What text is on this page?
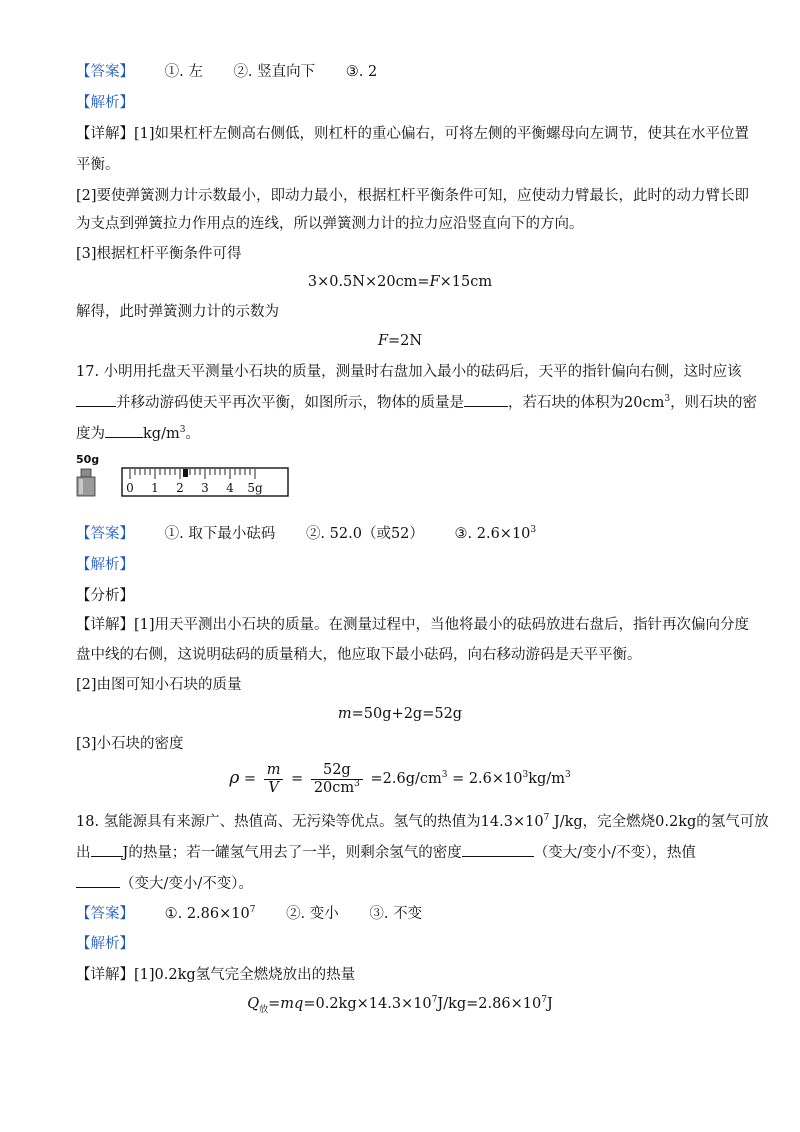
【答案】 ①. 左 ②. 竖直向下 ③. 2
【解析】
【详解】[1]如果杠杆左侧高右侧低，则杠杆的重心偏右，可将左侧的平衡螺母向左调节，使其在水平位置
平衡。
[2]要使弹簧测力计示数最小，即动力最小，根据杠杆平衡条件可知，应使动力臂最长，此时的动力臂长即
为支点到弹簧拉力作用点的连线，所以弹簧测力计的拉力应沿竖直向下的方向。
[3]根据杠杆平衡条件可得
3×0.5N×20cm=F×15cm
解得，此时弹簧测力计的示数为
F=2N
17. 小明用托盘天平测量小石块的质量，测量时右盘加入最小的砝码后，天平的指针偏向右侧，这时应该
并移动游码使天平再次平衡，如图所示，物体的质量是	，若石块的体积为$20cm^3$，则石块的密
度为	$kg/m^3$。
50g
0 1 2 3 4 5g
【答案】 ①. 取下最小砝码 ②. 52.0（或52） ③. $2.6\times 10^3$
【解析】
【分析】
【详解】[1]用天平测出小石块的质量。在测量过程中，当他将最小的砝码放进右盘后，指针再次偏向分度
盘中线的右侧，这说明砝码的质量稍大，他应取下最小砝码，向右移动游码是天平平衡。
[2]由图可知小石块的质量
m=50g+2g=52g
[3]小石块的密度
$\rho = \frac{m}{V} = \frac{52g}{20cm^3} =2.6g/cm^3 = 2.6\times 10^3kg/m^3$
18. 氢能源具有来源广、热值高、无污染等优点。氢气的热值为$14.3\times 10^7$ J/kg，完全燃烧0.2kg的氢气可放
出 J的热量；若一罐氢气用去了一半，则剩余氢气的密度	（变大/变小/不变），热值
（变大/变小/不变）。
【答案】 ①. $2.86\times 10^7$ ②. 变小 ③. 不变
【解析】
【详解】[1]0.2kg氢气完全燃烧放出的热量
$Q_放=mq=0.2kg\times 14.3\times 10^7J/kg=2.86\times 10^7J$
